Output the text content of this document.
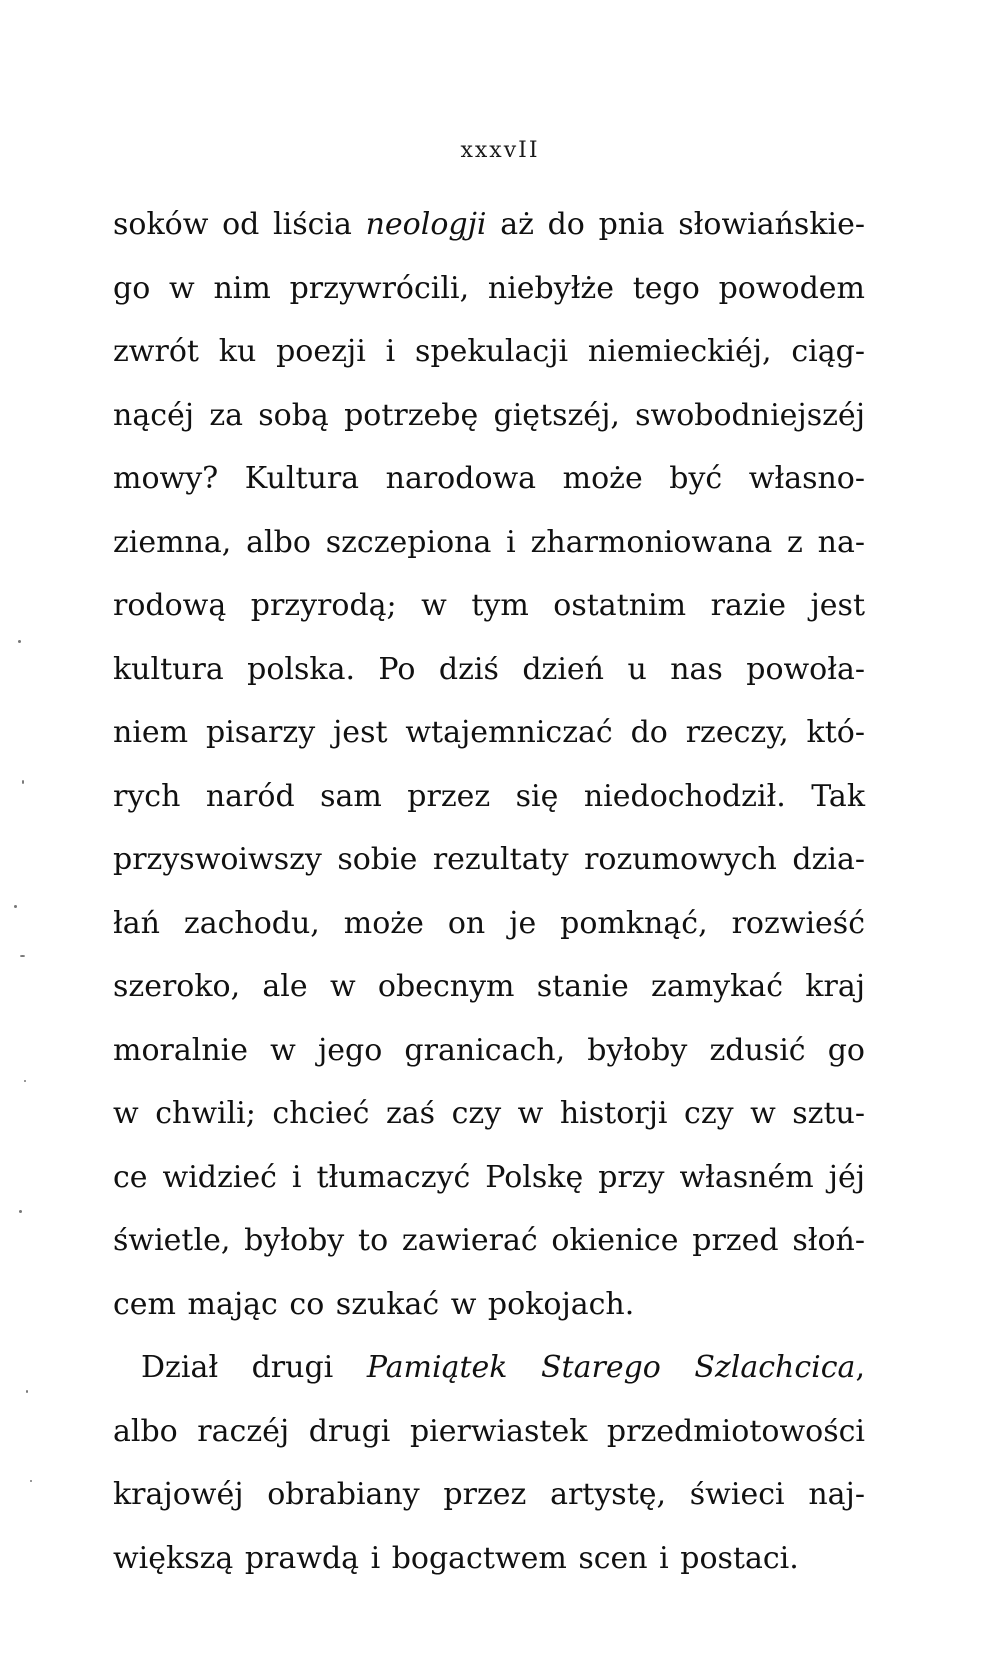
xxxvII
soków od liścia neologji aż do pnia słowiańskie-
go w nim przywrócili, niebyłże tego powodem
zwrót ku poezji i spekulacji niemieckiéj, ciąg-
nącéj za sobą potrzebę giętszéj, swobodniejszéj
mowy? Kultura narodowa może być własno-
ziemna, albo szczepiona i zharmoniowana z na-
rodową przyrodą; w tym ostatnim razie jest
kultura polska. Po dziś dzień u nas powoła-
niem pisarzy jest wtajemniczać do rzeczy, któ-
rych naród sam przez się niedochodził. Tak
przyswoiwszy sobie rezultaty rozumowych dzia-
łań zachodu, może on je pomknąć, rozwieść
szeroko, ale w obecnym stanie zamykać kraj
moralnie w jego granicach, byłoby zdusić go
w chwili; chcieć zaś czy w historji czy w sztu-
ce widzieć i tłumaczyć Polskę przy własném jéj
świetle, byłoby to zawierać okienice przed słoń-
cem mając co szukać w pokojach.
Dział drugi Pamiątek Starego Szlachcica,
albo raczéj drugi pierwiastek przedmiotowości
krajowéj obrabiany przez artystę, świeci naj-
większą prawdą i bogactwem scen i postaci.
